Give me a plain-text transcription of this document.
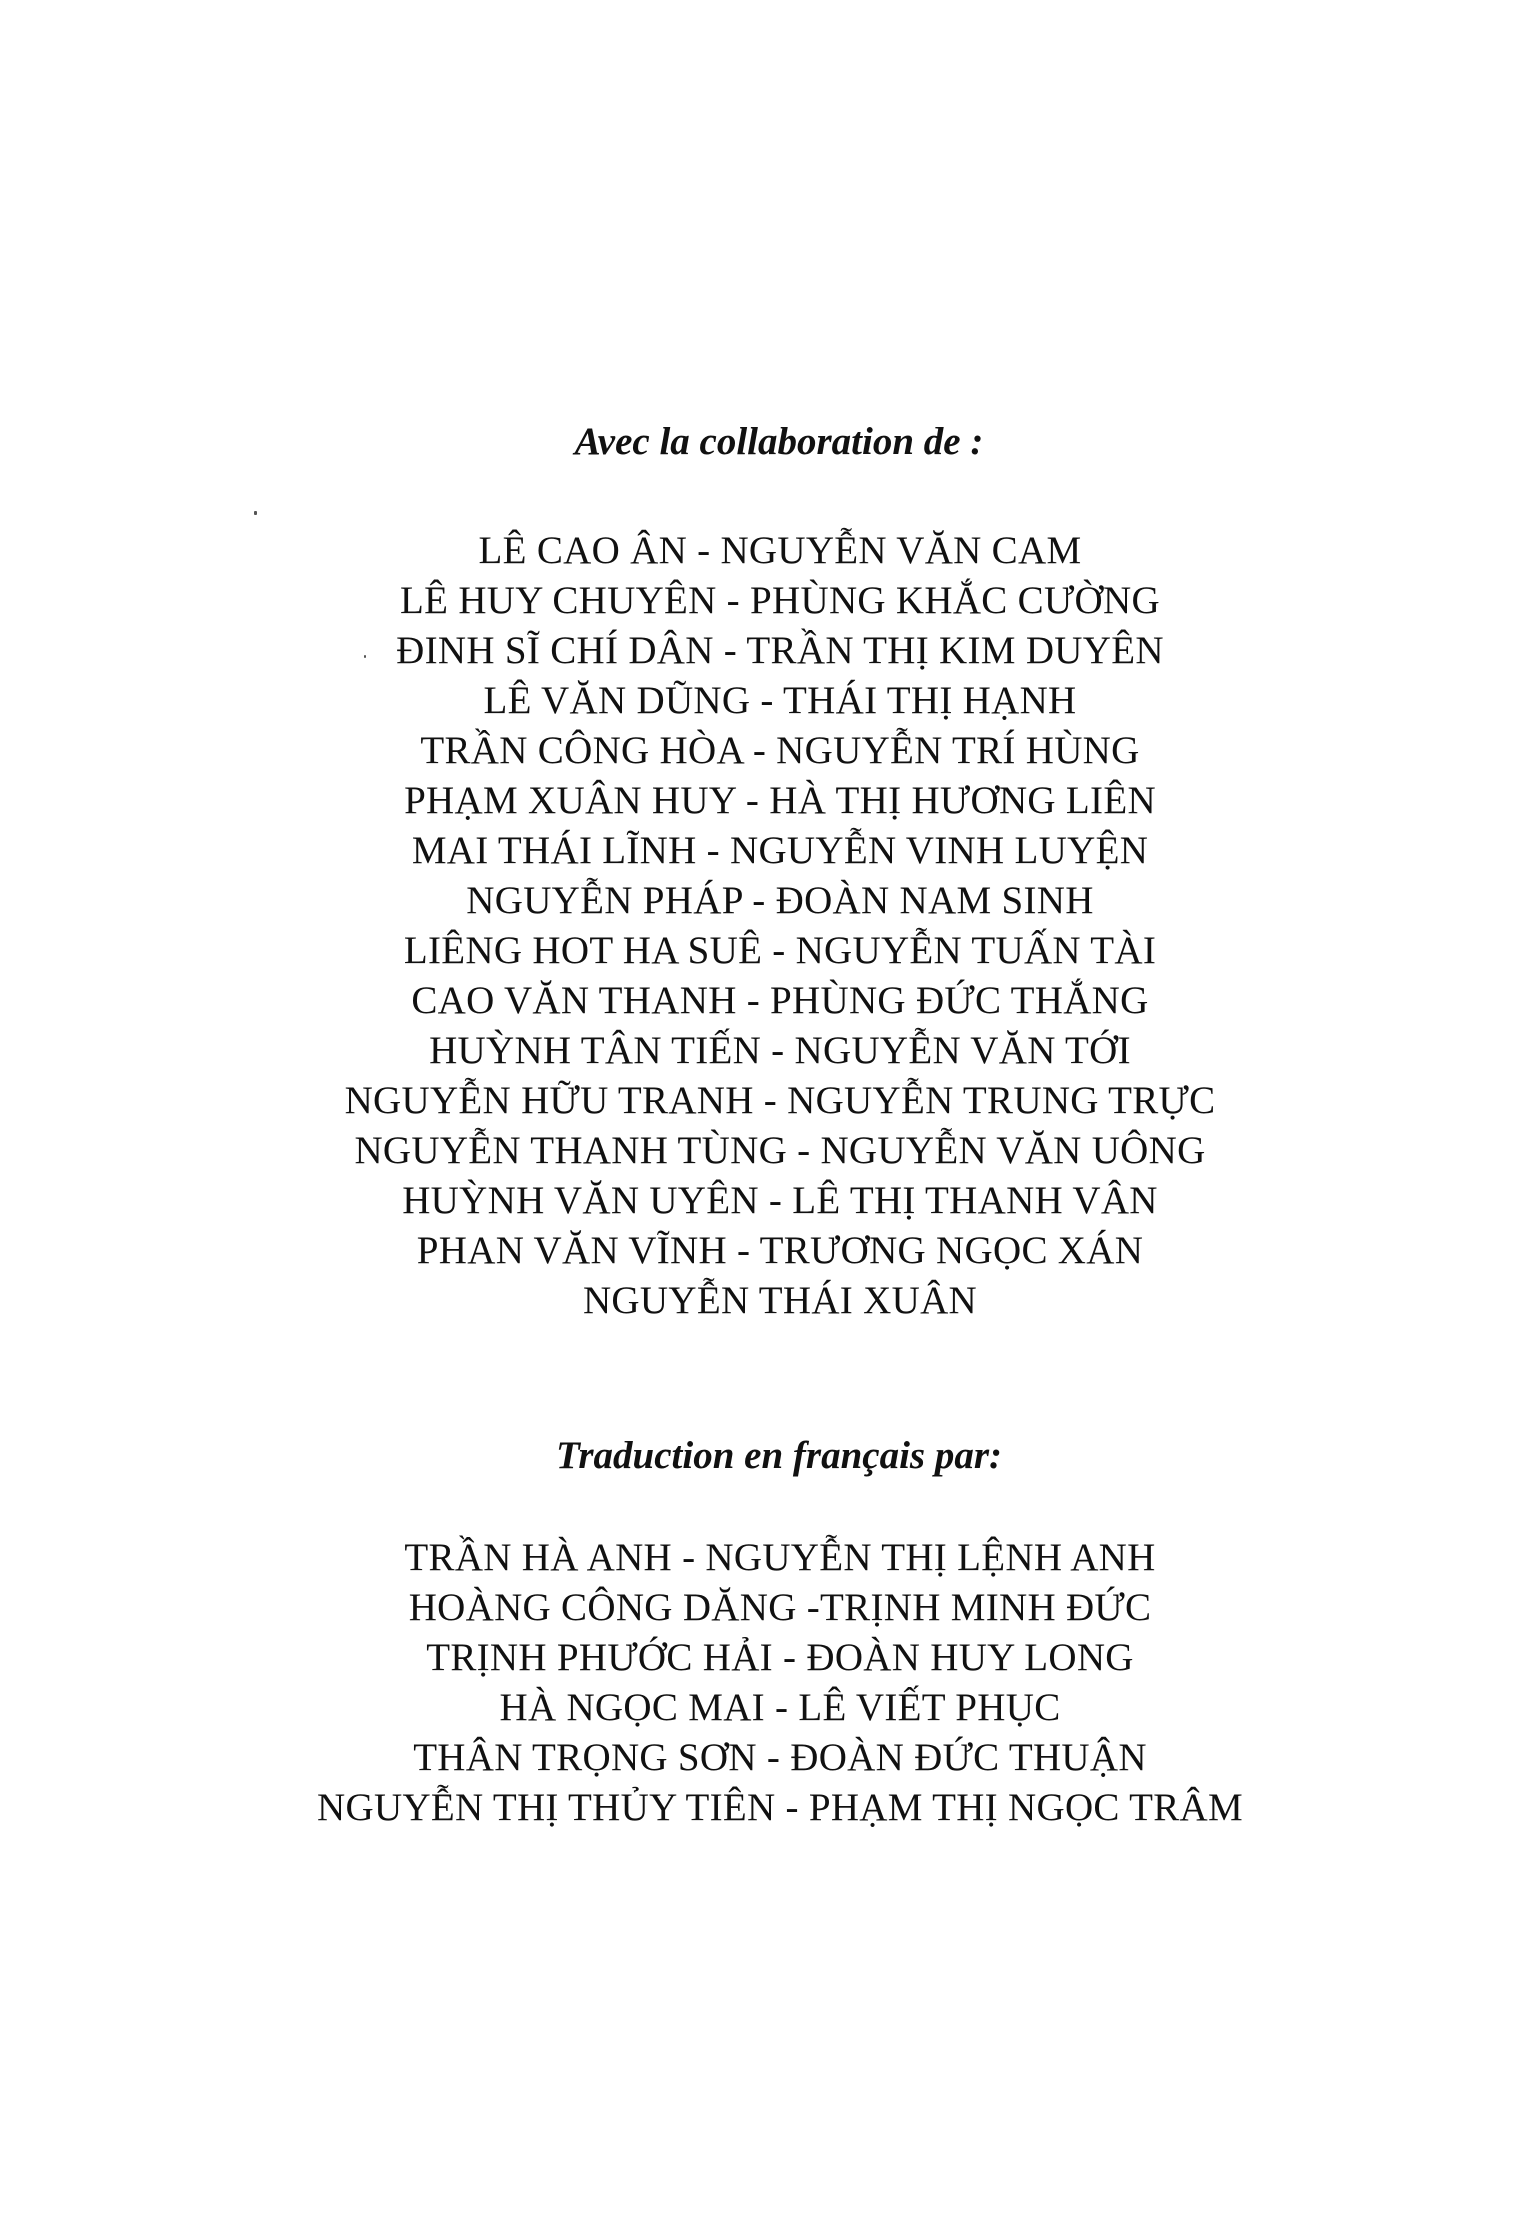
Avec la collaboration de :
LÊ CAO ÂN - NGUYỄN VĂN CAM
LÊ HUY CHUYÊN - PHÙNG KHẮC CƯỜNG
ĐINH SĨ CHÍ DÂN - TRẦN THỊ KIM DUYÊN
LÊ VĂN DŨNG - THÁI THỊ HẠNH
TRẦN CÔNG HÒA - NGUYỄN TRÍ HÙNG
PHẠM XUÂN HUY - HÀ THỊ HƯƠNG LIÊN
MAI THÁI LĨNH - NGUYỄN VINH LUYỆN
NGUYỄN PHÁP - ĐOÀN NAM SINH
LIÊNG HOT HA SUÊ - NGUYỄN TUẤN TÀI
CAO VĂN THANH - PHÙNG ĐỨC THẮNG
HUỲNH TÂN TIẾN - NGUYỄN VĂN TỚI
NGUYỄN HỮU TRANH - NGUYỄN TRUNG TRỰC
NGUYỄN THANH TÙNG - NGUYỄN VĂN UÔNG
HUỲNH VĂN UYÊN - LÊ THỊ THANH VÂN
PHAN VĂN VĨNH - TRƯƠNG NGỌC XÁN
NGUYỄN THÁI XUÂN
Traduction en français par:
TRẦN HÀ ANH - NGUYỄN THỊ LỆNH ANH
HOÀNG CÔNG DĂNG -TRỊNH MINH ĐỨC
TRỊNH PHƯỚC HẢI - ĐOÀN HUY LONG
HÀ NGỌC MAI - LÊ VIẾT PHỤC
THÂN TRỌNG SƠN - ĐOÀN ĐỨC THUẬN
NGUYỄN THỊ THỦY TIÊN - PHẠM THỊ NGỌC TRÂM
